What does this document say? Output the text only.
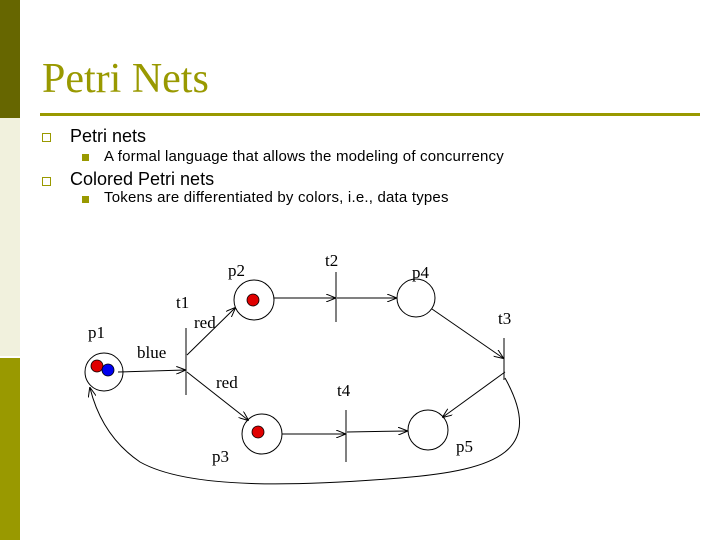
Petri Nets
Petri nets
A formal language that allows the modeling of concurrency
Colored Petri nets
Tokens are differentiated by colors, i.e., data types
p1
p2
p3
p4
p5
t1
t2
t3
t4
red
blue
red
